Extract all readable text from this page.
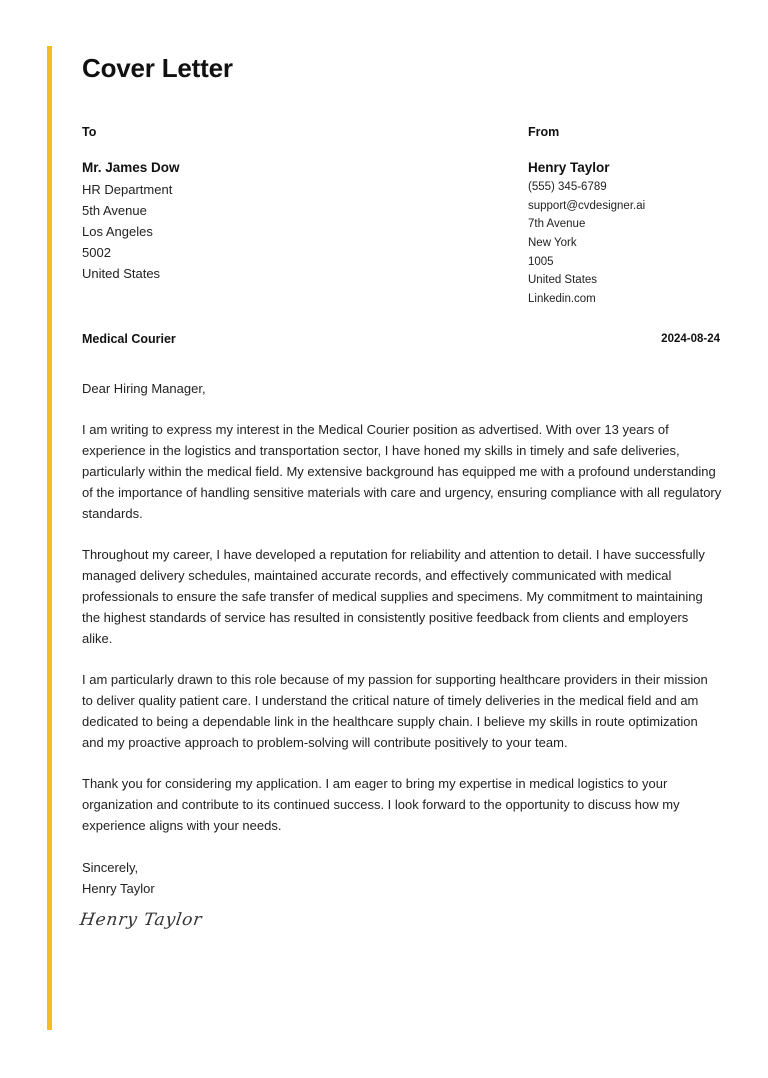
Cover Letter
To	From
Mr. James Dow
HR Department
5th Avenue
Los Angeles
5002
United States
Henry Taylor
(555) 345-6789
support@cvdesigner.ai
7th Avenue
New York
1005
United States
Linkedin.com
Medical Courier	2024-08-24

Dear Hiring Manager,

I am writing to express my interest in the Medical Courier position as advertised. With over 13 years of experience in the logistics and transportation sector, I have honed my skills in timely and safe deliveries, particularly within the medical field. My extensive background has equipped me with a profound understanding of the importance of handling sensitive materials with care and urgency, ensuring compliance with all regulatory standards.

Throughout my career, I have developed a reputation for reliability and attention to detail. I have successfully managed delivery schedules, maintained accurate records, and effectively communicated with medical professionals to ensure the safe transfer of medical supplies and specimens. My commitment to maintaining the highest standards of service has resulted in consistently positive feedback from clients and employers alike.

I am particularly drawn to this role because of my passion for supporting healthcare providers in their mission to deliver quality patient care. I understand the critical nature of timely deliveries in the medical field and am dedicated to being a dependable link in the healthcare supply chain. I believe my skills in route optimization and my proactive approach to problem-solving will contribute positively to your team.

Thank you for considering my application. I am eager to bring my expertise in medical logistics to your organization and contribute to its continued success. I look forward to the opportunity to discuss how my experience aligns with your needs.

Sincerely,
Henry Taylor
Henry Taylor
